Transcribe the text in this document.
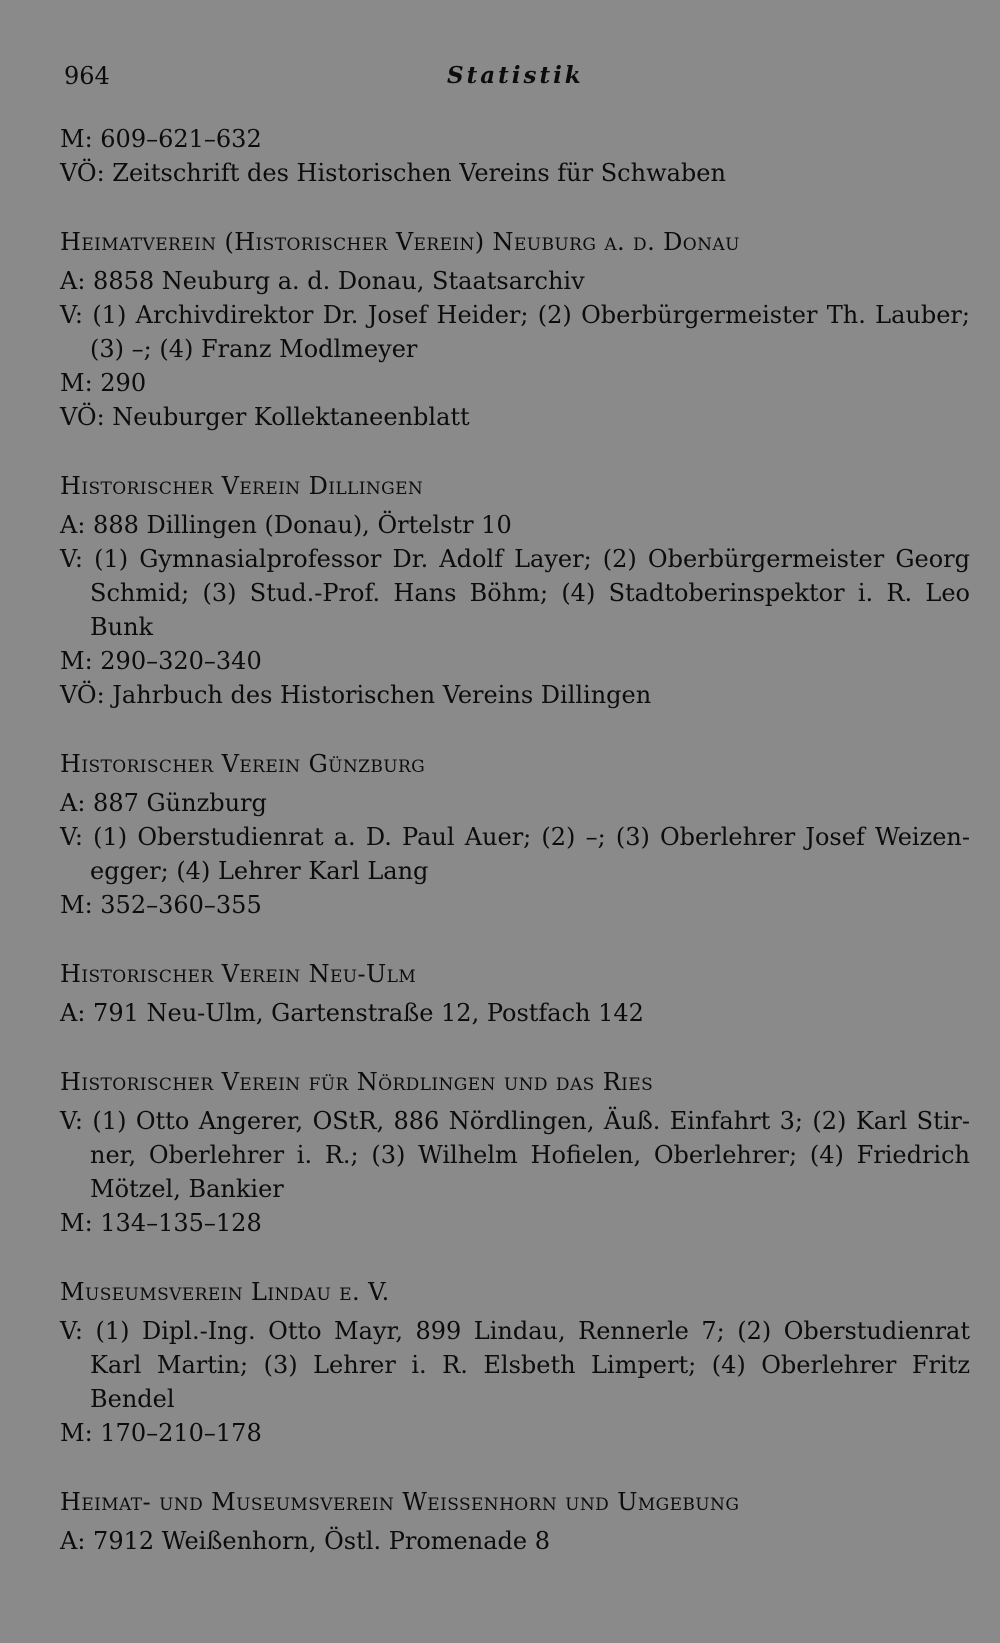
964	Statistik
M: 609–621–632
VÖ: Zeitschrift des Historischen Vereins für Schwaben
Heimatverein (Historischer Verein) Neuburg a. d. Donau
A: 8858 Neuburg a. d. Donau, Staatsarchiv
V: (1) Archivdirektor Dr. Josef Heider; (2) Oberbürgermeister Th. Lauber;
(3) –; (4) Franz Modlmeyer
M: 290
VÖ: Neuburger Kollektaneenblatt
Historischer Verein Dillingen
A: 888 Dillingen (Donau), Örtelstr 10
V: (1) Gymnasialprofessor Dr. Adolf Layer; (2) Oberbürgermeister Georg
Schmid; (3) Stud.-Prof. Hans Böhm; (4) Stadtoberinspektor i. R. Leo Bunk
M: 290–320–340
VÖ: Jahrbuch des Historischen Vereins Dillingen
Historischer Verein Günzburg
A: 887 Günzburg
V: (1) Oberstudienrat a. D. Paul Auer; (2) –; (3) Oberlehrer Josef Weizen-
egger; (4) Lehrer Karl Lang
M: 352–360–355
Historischer Verein Neu-Ulm
A: 791 Neu-Ulm, Gartenstraße 12, Postfach 142
Historischer Verein für Nördlingen und das Ries
V: (1) Otto Angerer, OStR, 886 Nördlingen, Äuß. Einfahrt 3; (2) Karl Stir-
ner, Oberlehrer i. R.; (3) Wilhelm Hofielen, Oberlehrer; (4) Friedrich
Mötzel, Bankier
M: 134–135–128
Museumsverein Lindau e. V.
V: (1) Dipl.-Ing. Otto Mayr, 899 Lindau, Rennerle 7; (2) Oberstudienrat
Karl Martin; (3) Lehrer i. R. Elsbeth Limpert; (4) Oberlehrer Fritz
Bendel
M: 170–210–178
Heimat- und Museumsverein Weissenhorn und Umgebung
A: 7912 Weißenhorn, Östl. Promenade 8
